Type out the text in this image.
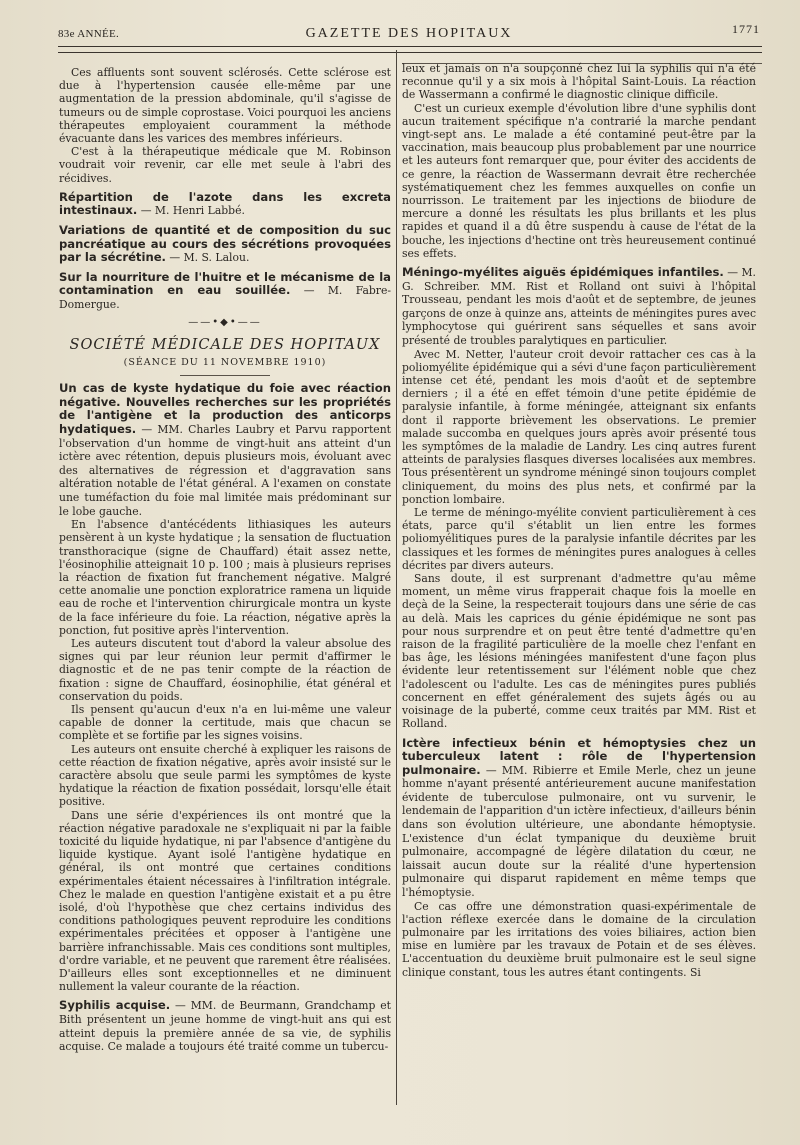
83e ANNÉE.	GAZETTE DES HOPITAUX	1771

Ces affluents sont souvent sclérosés. Cette sclérose est due à l'hypertension causée elle-même par une augmentation de la pression abdominale, qu'il s'agisse de tumeurs ou de simple coprostase. Voici pourquoi les anciens thérapeutes employaient couramment la méthode évacuante dans les varices des membres inférieurs.

C'est à la thérapeutique médicale que M. Robinson voudrait voir revenir, car elle met seule à l'abri des récidives.

Répartition de l'azote dans les excreta intestinaux. — M. Henri Labbé.

Variations de quantité et de composition du suc pancréatique au cours des sécrétions provoquées par la sécrétine. — M. S. Lalou.

Sur la nourriture de l'huitre et le mécanisme de la contamination en eau souillée. — M. Fabre-Domergue.

——•◆•——
SOCIÉTÉ MÉDICALE DES HOPITAUX
(SÉANCE DU 11 NOVEMBRE 1910)

Un cas de kyste hydatique du foie avec réaction négative. Nouvelles recherches sur les propriétés de l'antigène et la production des anticorps hydatiques. — MM. Charles Laubry et Parvu rapportent l'observation d'un homme de vingt-huit ans atteint d'un ictère avec rétention, depuis plusieurs mois, évoluant avec des alternatives de régression et d'aggravation sans altération notable de l'état général. A l'examen on constate une tuméfaction du foie mal limitée mais prédominant sur le lobe gauche.

En l'absence d'antécédents lithiasiques les auteurs pensèrent à un kyste hydatique ; la sensation de fluctuation transthoracique (signe de Chauffard) était assez nette, l'éosinophilie atteignait 10 p. 100 ; mais à plusieurs reprises la réaction de fixation fut franchement négative. Malgré cette anomalie une ponction exploratrice ramena un liquide eau de roche et l'intervention chirurgicale montra un kyste de la face inférieure du foie. La réaction, négative après la ponction, fut positive après l'intervention.

Les auteurs discutent tout d'abord la valeur absolue des signes qui par leur réunion leur permit d'affirmer le diagnostic et de ne pas tenir compte de la réaction de fixation : signe de Chauffard, éosinophilie, état général et conservation du poids.

Ils pensent qu'aucun d'eux n'a en lui-même une valeur capable de donner la certitude, mais que chacun se complète et se fortifie par les signes voisins.

Les auteurs ont ensuite cherché à expliquer les raisons de cette réaction de fixation négative, après avoir insisté sur le caractère absolu que seule parmi les symptômes de kyste hydatique la réaction de fixation possédait, lorsqu'elle était positive.

Dans une série d'expériences ils ont montré que la réaction négative paradoxale ne s'expliquait ni par la faible toxicité du liquide hydatique, ni par l'absence d'antigène du liquide kystique. Ayant isolé l'antigène hydatique en général, ils ont montré que certaines conditions expérimentales étaient nécessaires à l'infiltration intégrale. Chez le malade en question l'antigène existait et a pu être isolé, d'où l'hypothèse que chez certains individus des conditions pathologiques peuvent reproduire les conditions expérimentales précitées et opposer à l'antigène une barrière infranchissable. Mais ces conditions sont multiples, d'ordre variable, et ne peuvent que rarement être réalisées. D'ailleurs elles sont exceptionnelles et ne diminuent nullement la valeur courante de la réaction.

Syphilis acquise. — MM. de Beurmann, Grandchamp et Bith présentent un jeune homme de vingt-huit ans qui est atteint depuis la première année de sa vie, de syphilis acquise. Ce malade a toujours été traité comme un tubercu-

leux et jamais on n'a soupçonné chez lui la syphilis qui n'a été reconnue qu'il y a six mois à l'hôpital Saint-Louis. La réaction de Wassermann a confirmé le diagnostic clinique difficile.

C'est un curieux exemple d'évolution libre d'une syphilis dont aucun traitement spécifique n'a contrarié la marche pendant vingt-sept ans. Le malade a été contaminé peut-être par la vaccination, mais beaucoup plus probablement par une nourrice et les auteurs font remarquer que, pour éviter des accidents de ce genre, la réaction de Wassermann devrait être recherchée systématiquement chez les femmes auxquelles on confie un nourrisson. Le traitement par les injections de biiodure de mercure a donné les résultats les plus brillants et les plus rapides et quand il a dû être suspendu à cause de l'état de la bouche, les injections d'hectine ont très heureusement continué ses effets.

Méningo-myélites aiguës épidémiques infantiles. — M. G. Schreiber. MM. Rist et Rolland ont suivi à l'hôpital Trousseau, pendant les mois d'août et de septembre, de jeunes garçons de onze à quinze ans, atteints de méningites pures avec lymphocytose qui guérirent sans séquelles et sans avoir présenté de troubles paralytiques en particulier.

Avec M. Netter, l'auteur croit devoir rattacher ces cas à la poliomyélite épidémique qui a sévi d'une façon particulièrement intense cet été, pendant les mois d'août et de septembre derniers ; il a été en effet témoin d'une petite épidémie de paralysie infantile, à forme méningée, atteignant six enfants dont il rapporte brièvement les observations. Le premier malade succomba en quelques jours après avoir présenté tous les symptômes de la maladie de Landry. Les cinq autres furent atteints de paralysies flasques diverses localisées aux membres. Tous présentèrent un syndrome méningé sinon toujours complet cliniquement, du moins des plus nets, et confirmé par la ponction lombaire.

Le terme de méningo-myélite convient particulièrement à ces états, parce qu'il s'établit un lien entre les formes poliomyélitiques pures de la paralysie infantile décrites par les classiques et les formes de méningites pures analogues à celles décrites par divers auteurs.

Sans doute, il est surprenant d'admettre qu'au même moment, un même virus frapperait chaque fois la moelle en deçà de la Seine, la respecterait toujours dans une série de cas au delà. Mais les caprices du génie épidémique ne sont pas pour nous surprendre et on peut être tenté d'admettre qu'en raison de la fragilité particulière de la moelle chez l'enfant en bas âge, les lésions méningées manifestent d'une façon plus évidente leur retentissement sur l'élément noble que chez l'adolescent ou l'adulte. Les cas de méningites pures publiés concernent en effet généralement des sujets âgés ou au voisinage de la puberté, comme ceux traités par MM. Rist et Rolland.

Ictère infectieux bénin et hémoptysies chez un tuberculeux latent : rôle de l'hypertension pulmonaire. — MM. Ribierre et Emile Merle, chez un jeune homme n'ayant présenté antérieurement aucune manifestation évidente de tuberculose pulmonaire, ont vu survenir, le lendemain de l'apparition d'un ictère infectieux, d'ailleurs bénin dans son évolution ultérieure, une abondante hémoptysie. L'existence d'un éclat tympanique du deuxième bruit pulmonaire, accompagné de légère dilatation du cœur, ne laissait aucun doute sur la réalité d'une hypertension pulmonaire qui disparut rapidement en même temps que l'hémoptysie.

Ce cas offre une démonstration quasi-expérimentale de l'action réflexe exercée dans le domaine de la circulation pulmonaire par les irritations des voies biliaires, action bien mise en lumière par les travaux de Potain et de ses élèves. L'accentuation du deuxième bruit pulmonaire est le seul signe clinique constant, tous les autres étant contingents. Si
